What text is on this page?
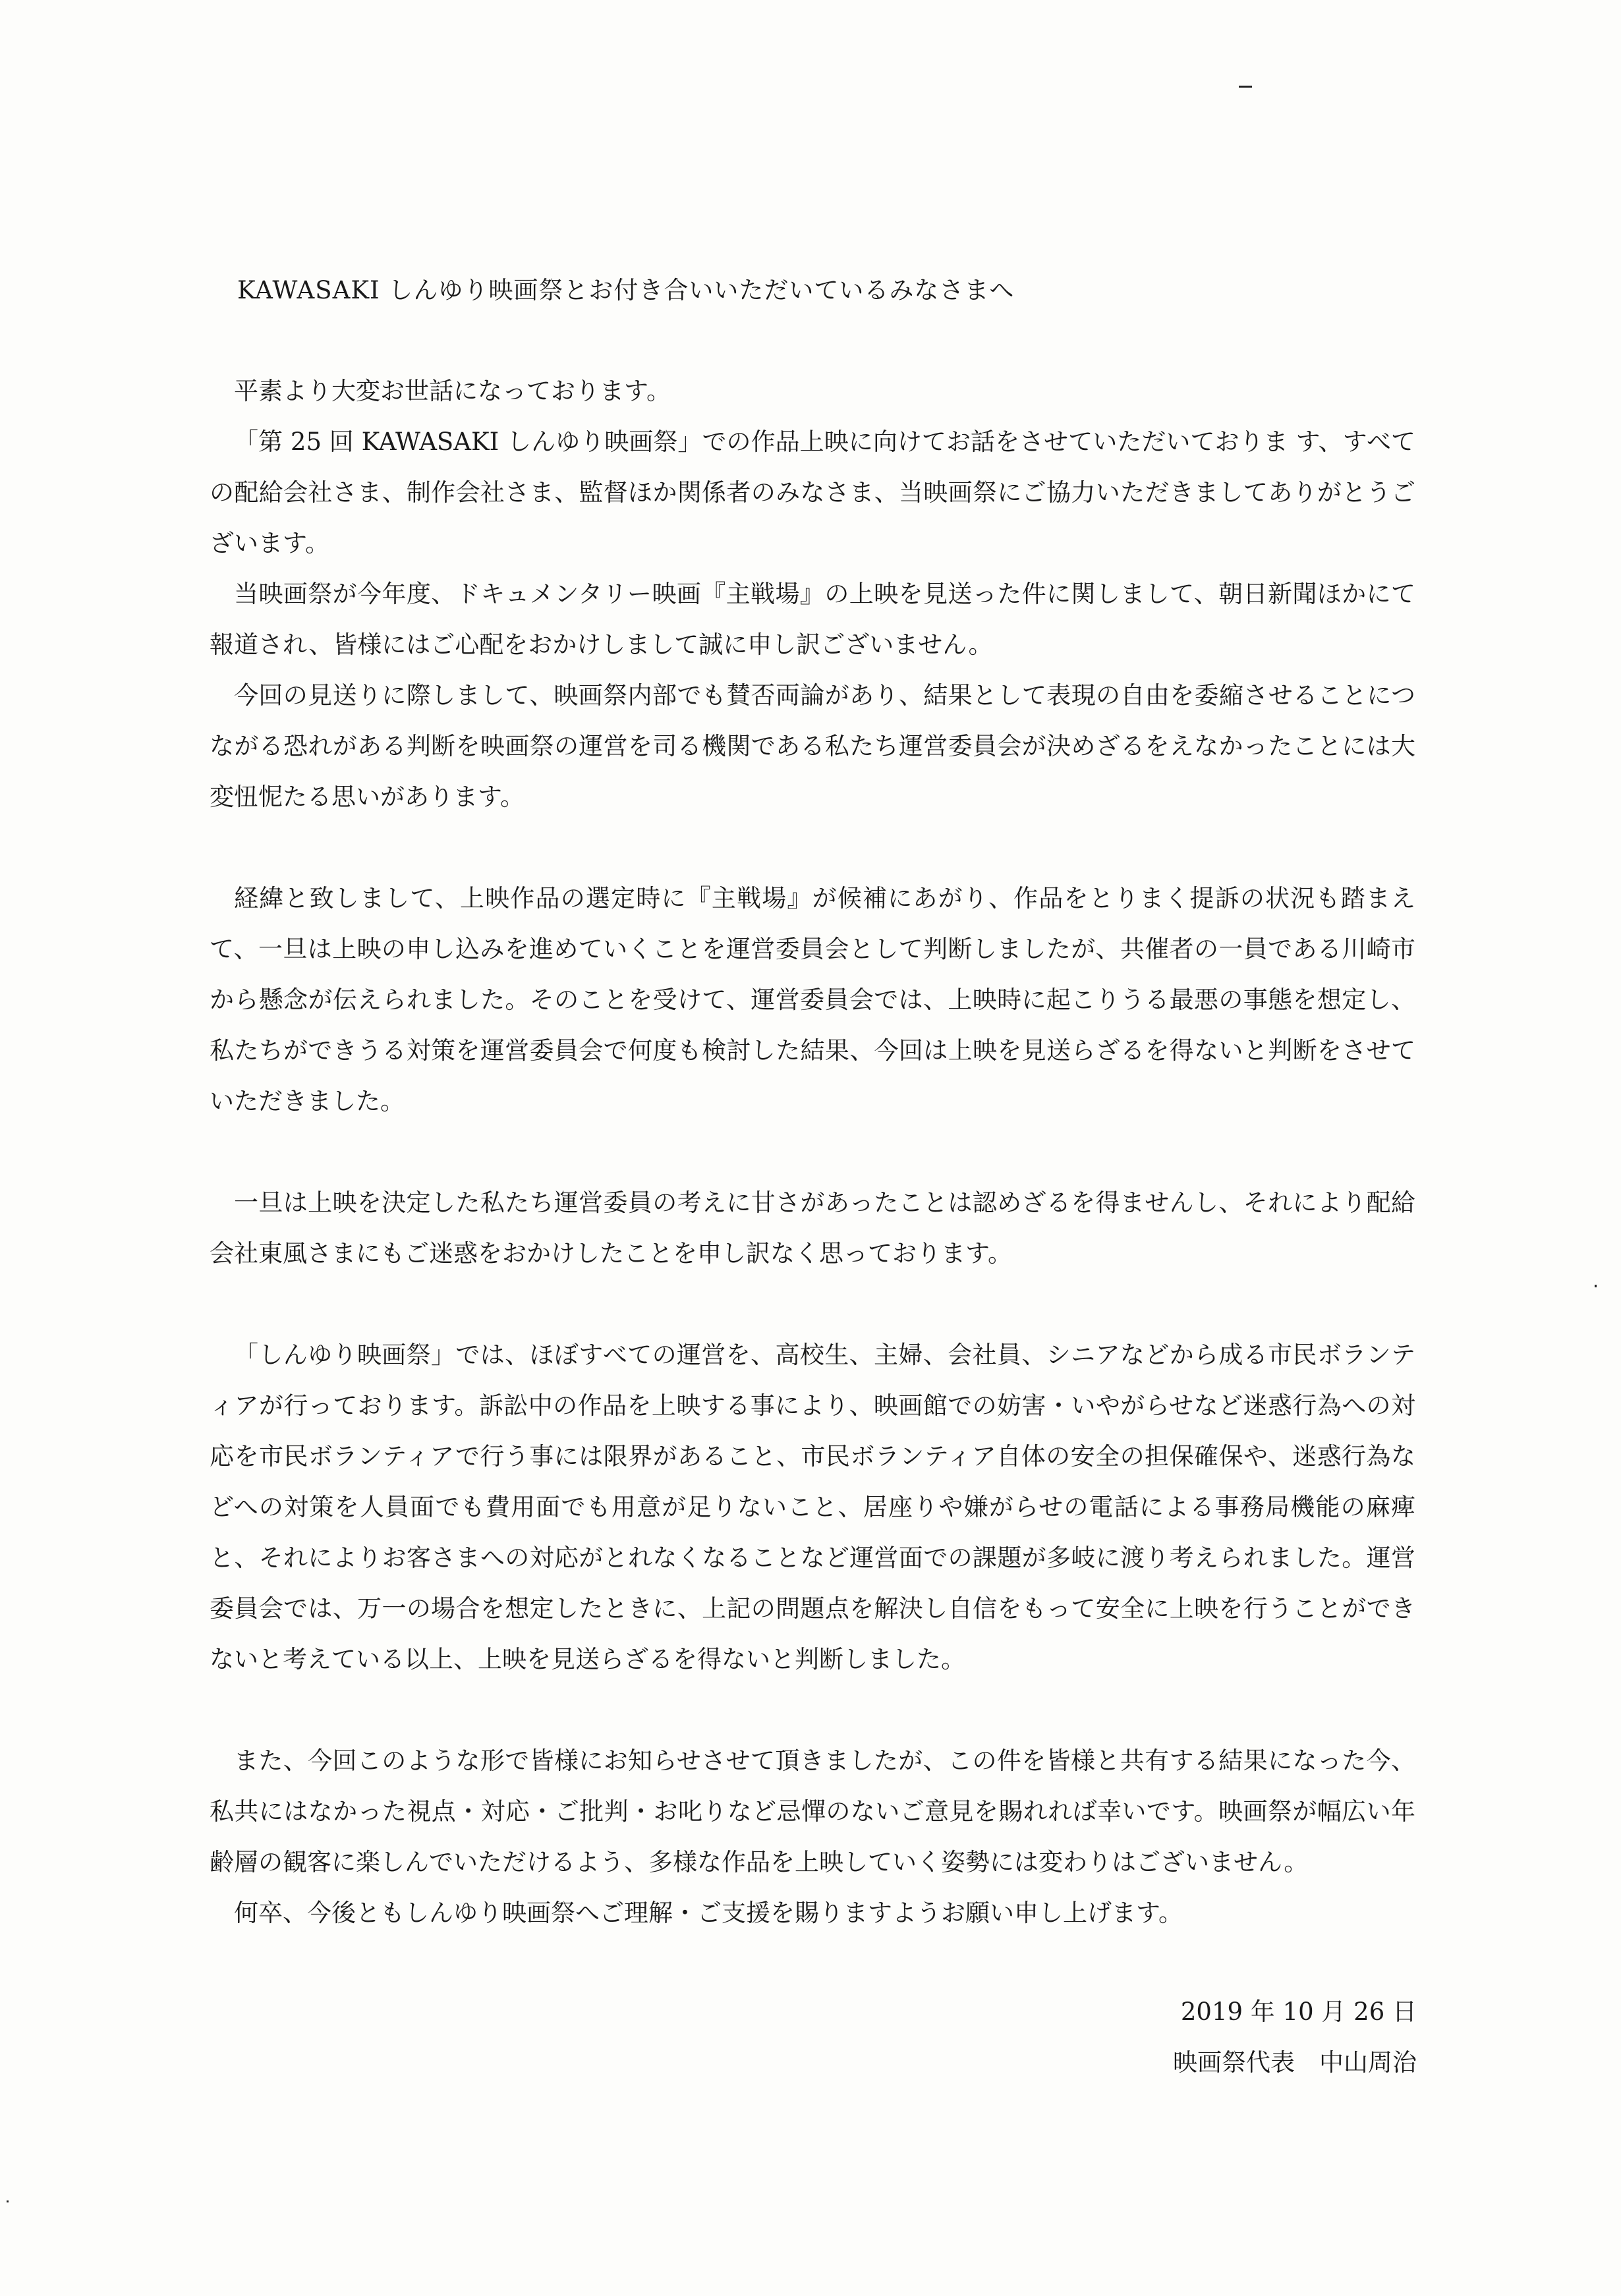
KAWASAKI しんゆり映画祭とお付き合いいただいているみなさまへ

平素より大変お世話になっております。

「第 25 回 KAWASAKI しんゆり映画祭」での作品上映に向けてお話をさせていただいておりま す、すべての配給会社さま、制作会社さま、監督ほか関係者のみなさま、当映画祭にご協力いただきましてありがとうございます。

当映画祭が今年度、ドキュメンタリー映画『主戦場』の上映を見送った件に関しまして、朝日新聞ほかにて報道され、皆様にはご心配をおかけしまして誠に申し訳ございません。

今回の見送りに際しまして、映画祭内部でも賛否両論があり、結果として表現の自由を委縮させることにつながる恐れがある判断を映画祭の運営を司る機関である私たち運営委員会が決めざるをえなかったことには大変忸怩たる思いがあります。

経緯と致しまして、上映作品の選定時に『主戦場』が候補にあがり、作品をとりまく提訴の状況も踏まえて、一旦は上映の申し込みを進めていくことを運営委員会として判断しましたが、共催者の一員である川崎市から懸念が伝えられました。そのことを受けて、運営委員会では、上映時に起こりうる最悪の事態を想定し、私たちができうる対策を運営委員会で何度も検討した結果、今回は上映を見送らざるを得ないと判断をさせていただきました。

一旦は上映を決定した私たち運営委員の考えに甘さがあったことは認めざるを得ませんし、それにより配給会社東風さまにもご迷惑をおかけしたことを申し訳なく思っております。

「しんゆり映画祭」では、ほぼすべての運営を、高校生、主婦、会社員、シニアなどから成る市民ボランティアが行っております。訴訟中の作品を上映する事により、映画館での妨害・いやがらせなど迷惑行為への対応を市民ボランティアで行う事には限界があること、市民ボランティア自体の安全の担保確保や、迷惑行為などへの対策を人員面でも費用面でも用意が足りないこと、居座りや嫌がらせの電話による事務局機能の麻痺と、それによりお客さまへの対応がとれなくなることなど運営面での課題が多岐に渡り考えられました。運営委員会では、万一の場合を想定したときに、上記の問題点を解決し自信をもって安全に上映を行うことができないと考えている以上、上映を見送らざるを得ないと判断しました。

また、今回このような形で皆様にお知らせさせて頂きましたが、この件を皆様と共有する結果になった今、私共にはなかった視点・対応・ご批判・お叱りなど忌憚のないご意見を賜れれば幸いです。映画祭が幅広い年齢層の観客に楽しんでいただけるよう、多様な作品を上映していく姿勢には変わりはございません。

何卒、今後ともしんゆり映画祭へご理解・ご支援を賜りますようお願い申し上げます。

2019 年 10 月 26 日
映画祭代表　中山周治
